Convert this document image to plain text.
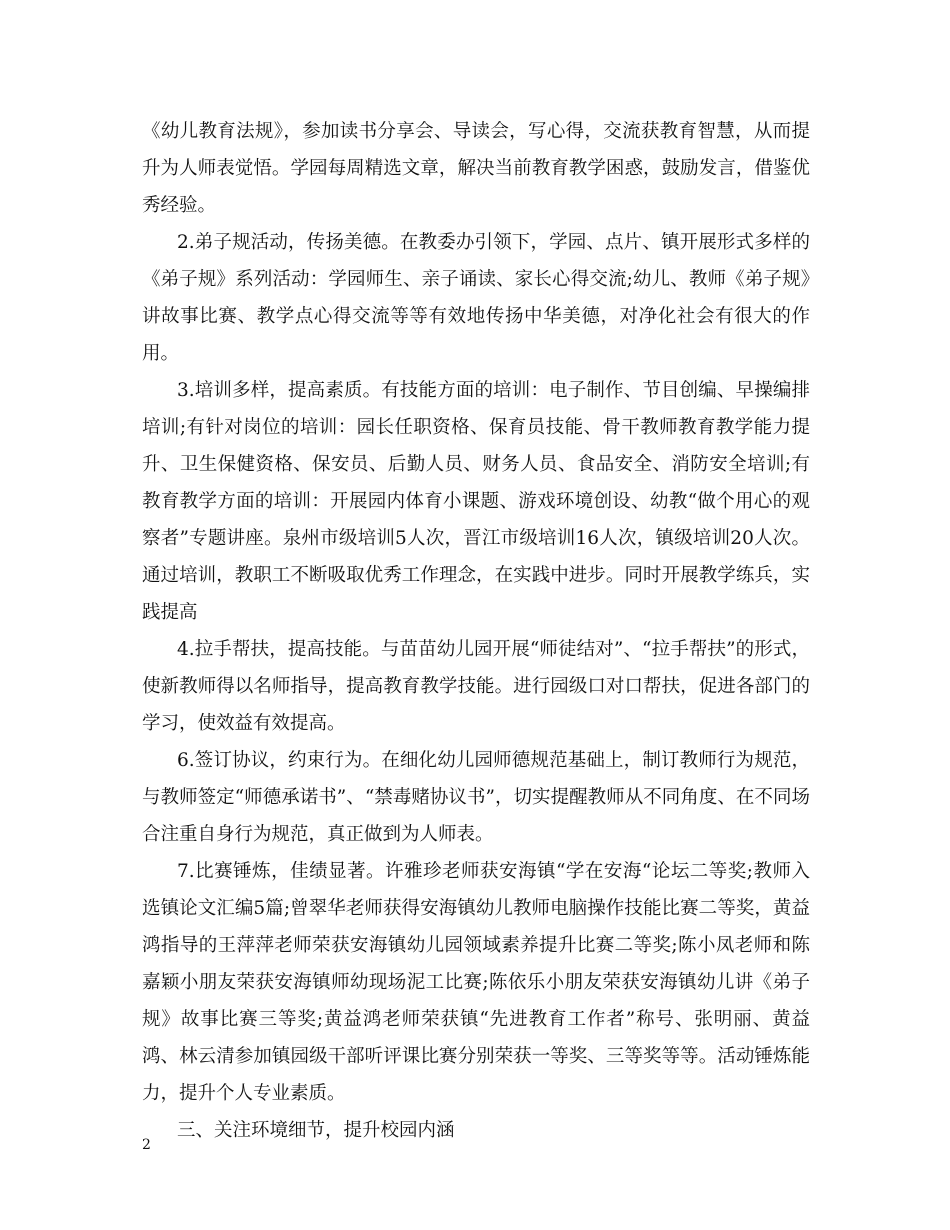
《幼儿教育法规》，参加读书分享会、导读会，写心得，交流获教育智慧，从而提升为人师表觉悟。学园每周精选文章，解决当前教育教学困惑，鼓励发言，借鉴优秀经验。

2.弟子规活动，传扬美德。在教委办引领下，学园、点片、镇开展形式多样的《弟子规》系列活动：学园师生、亲子诵读、家长心得交流;幼儿、教师《弟子规》讲故事比赛、教学点心得交流等等有效地传扬中华美德，对净化社会有很大的作用。

3.培训多样，提高素质。有技能方面的培训：电子制作、节目创编、早操编排培训;有针对岗位的培训：园长任职资格、保育员技能、骨干教师教育教学能力提升、卫生保健资格、保安员、后勤人员、财务人员、食品安全、消防安全培训;有教育教学方面的培训：开展园内体育小课题、游戏环境创设、幼教“做个用心的观察者”专题讲座。泉州市级培训5人次，晋江市级培训16人次，镇级培训20人次。通过培训，教职工不断吸取优秀工作理念，在实践中进步。同时开展教学练兵，实践提高

4.拉手帮扶，提高技能。与苗苗幼儿园开展“师徒结对”、“拉手帮扶”的形式，使新教师得以名师指导，提高教育教学技能。进行园级口对口帮扶，促进各部门的学习，使效益有效提高。

6.签订协议，约束行为。在细化幼儿园师德规范基础上，制订教师行为规范，与教师签定“师德承诺书”、“禁毒赌协议书”，切实提醒教师从不同角度、在不同场合注重自身行为规范，真正做到为人师表。

7.比赛锤炼，佳绩显著。许雅珍老师获安海镇“学在安海“论坛二等奖;教师入选镇论文汇编5篇;曾翠华老师获得安海镇幼儿教师电脑操作技能比赛二等奖，黄益鸿指导的王萍萍老师荣获安海镇幼儿园领域素养提升比赛二等奖;陈小凤老师和陈嘉颖小朋友荣获安海镇师幼现场泥工比赛;陈依乐小朋友荣获安海镇幼儿讲《弟子规》故事比赛三等奖;黄益鸿老师荣获镇“先进教育工作者”称号、张明丽、黄益鸿、林云清参加镇园级干部听评课比赛分别荣获一等奖、三等奖等等。活动锤炼能力，提升个人专业素质。

三、关注环境细节，提升校园内涵

2
